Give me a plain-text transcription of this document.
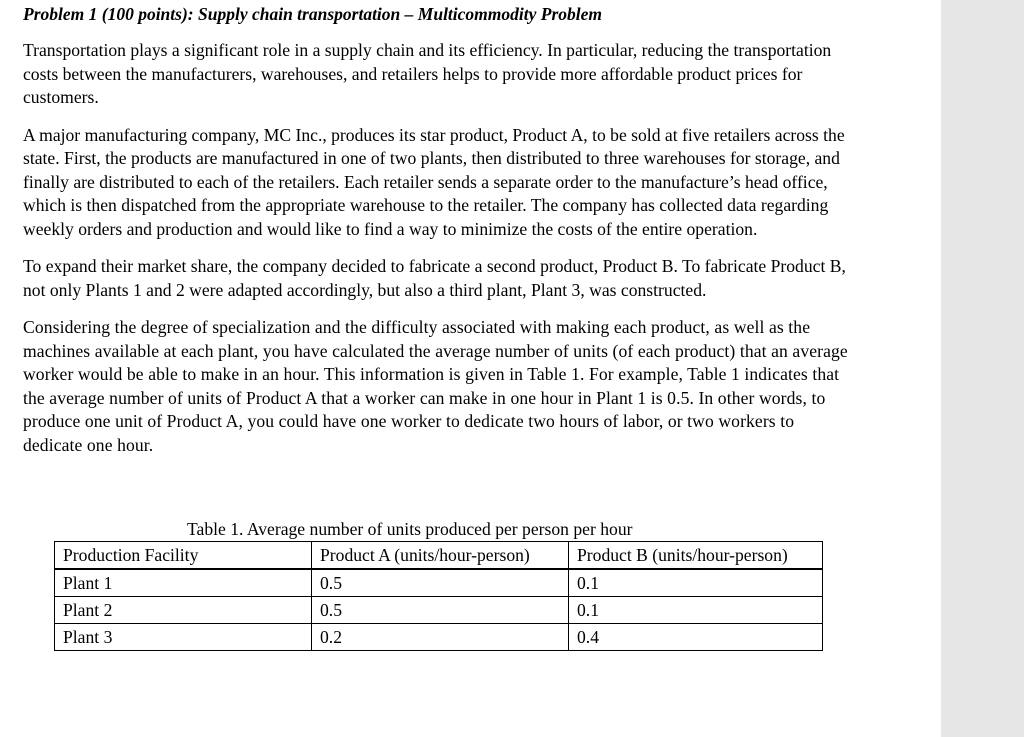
Problem 1 (100 points): Supply chain transportation – Multicommodity Problem

Transportation plays a significant role in a supply chain and its efficiency. In particular, reducing the transportation costs between the manufacturers, warehouses, and retailers helps to provide more affordable product prices for customers.

A major manufacturing company, MC Inc., produces its star product, Product A, to be sold at five retailers across the state. First, the products are manufactured in one of two plants, then distributed to three warehouses for storage, and finally are distributed to each of the retailers. Each retailer sends a separate order to the manufacture’s head office, which is then dispatched from the appropriate warehouse to the retailer. The company has collected data regarding weekly orders and production and would like to find a way to minimize the costs of the entire operation.

To expand their market share, the company decided to fabricate a second product, Product B. To fabricate Product B, not only Plants 1 and 2 were adapted accordingly, but also a third plant, Plant 3, was constructed.

Considering the degree of specialization and the difficulty associated with making each product, as well as the machines available at each plant, you have calculated the average number of units (of each product) that an average worker would be able to make in an hour. This information is given in Table 1. For example, Table 1 indicates that the average number of units of Product A that a worker can make in one hour in Plant 1 is 0.5. In other words, to produce one unit of Product A, you could have one worker to dedicate two hours of labor, or two workers to dedicate one hour.

Table 1. Average number of units produced per person per hour
Production Facility	Product A (units/hour-person)	Product B (units/hour-person)
Plant 1	0.5	0.1
Plant 2	0.5	0.1
Plant 3	0.2	0.4
